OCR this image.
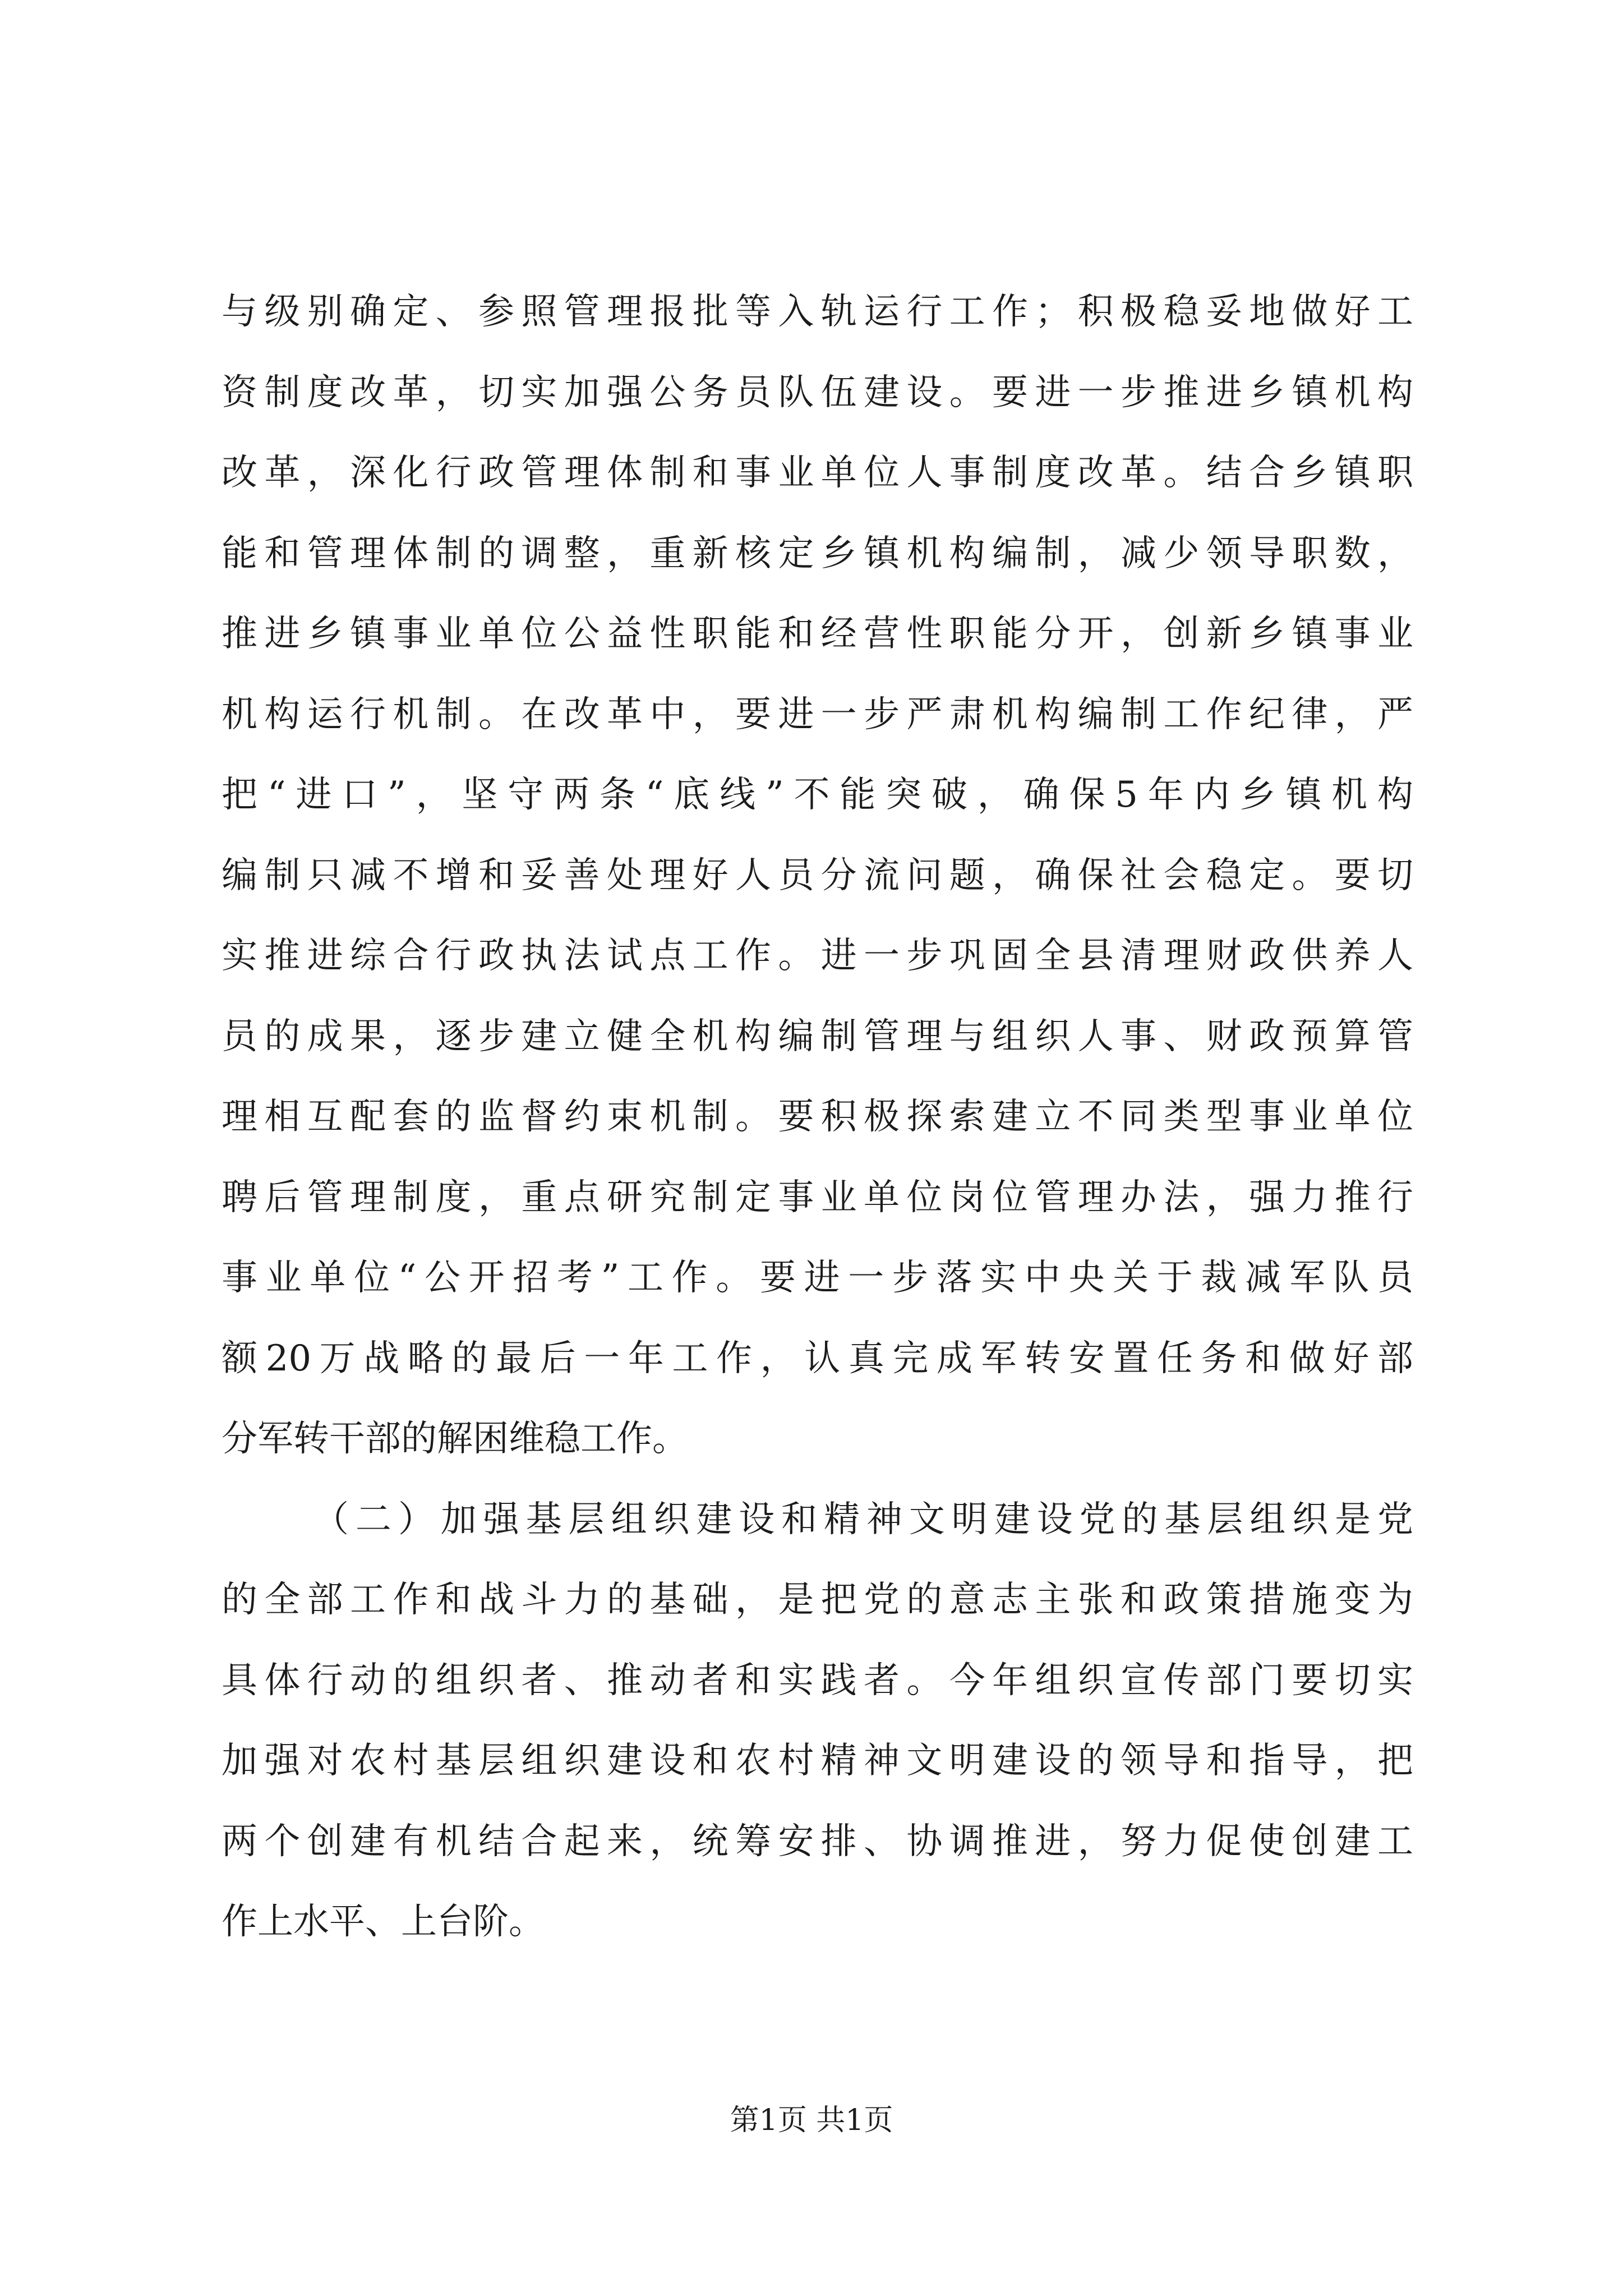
与级别确定、参照管理报批等入轨运行工作；积极稳妥地做好工
资制度改革，切实加强公务员队伍建设。要进一步推进乡镇机构
改革，深化行政管理体制和事业单位人事制度改革。结合乡镇职
能和管理体制的调整，重新核定乡镇机构编制，减少领导职数，
推进乡镇事业单位公益性职能和经营性职能分开，创新乡镇事业
机构运行机制。在改革中，要进一步严肃机构编制工作纪律，严
把“进口”，坚守两条“底线”不能突破，确保5年内乡镇机构
编制只减不增和妥善处理好人员分流问题，确保社会稳定。要切
实推进综合行政执法试点工作。进一步巩固全县清理财政供养人
员的成果，逐步建立健全机构编制管理与组织人事、财政预算管
理相互配套的监督约束机制。要积极探索建立不同类型事业单位
聘后管理制度，重点研究制定事业单位岗位管理办法，强力推行
事业单位“公开招考”工作。要进一步落实中央关于裁减军队员
额20万战略的最后一年工作，认真完成军转安置任务和做好部
分军转干部的解困维稳工作。
（二）加强基层组织建设和精神文明建设党的基层组织是党
的全部工作和战斗力的基础，是把党的意志主张和政策措施变为
具体行动的组织者、推动者和实践者。今年组织宣传部门要切实
加强对农村基层组织建设和农村精神文明建设的领导和指导，把
两个创建有机结合起来，统筹安排、协调推进，努力促使创建工
作上水平、上台阶。
第1页 共1页
